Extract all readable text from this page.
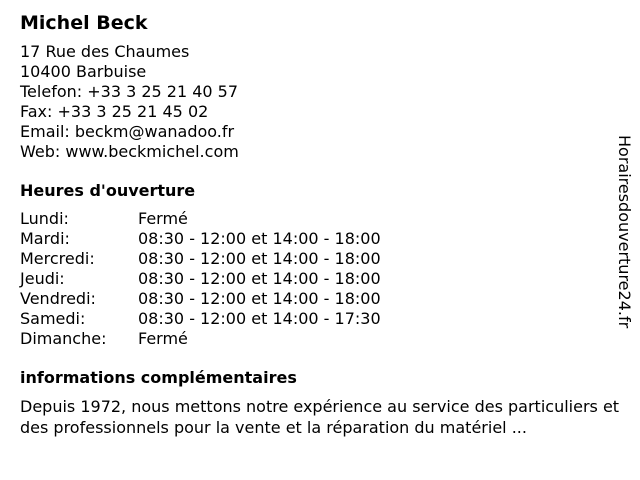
Michel Beck
17 Rue des Chaumes
10400 Barbuise
Telefon: +33 3 25 21 40 57
Fax: +33 3 25 21 45 02
Email: beckm@wanadoo.fr
Web: www.beckmichel.com
Heures d'ouverture
Lundi:	Fermé
Mardi:	08:30 - 12:00 et 14:00 - 18:00
Mercredi:	08:30 - 12:00 et 14:00 - 18:00
Jeudi:	08:30 - 12:00 et 14:00 - 18:00
Vendredi:	08:30 - 12:00 et 14:00 - 18:00
Samedi:	08:30 - 12:00 et 14:00 - 17:30
Dimanche:	Fermé
informations complémentaires
Depuis 1972, nous mettons notre expérience au service des particuliers et des professionnels pour la vente et la réparation du matériel ...
Horairesdouverture24.fr
